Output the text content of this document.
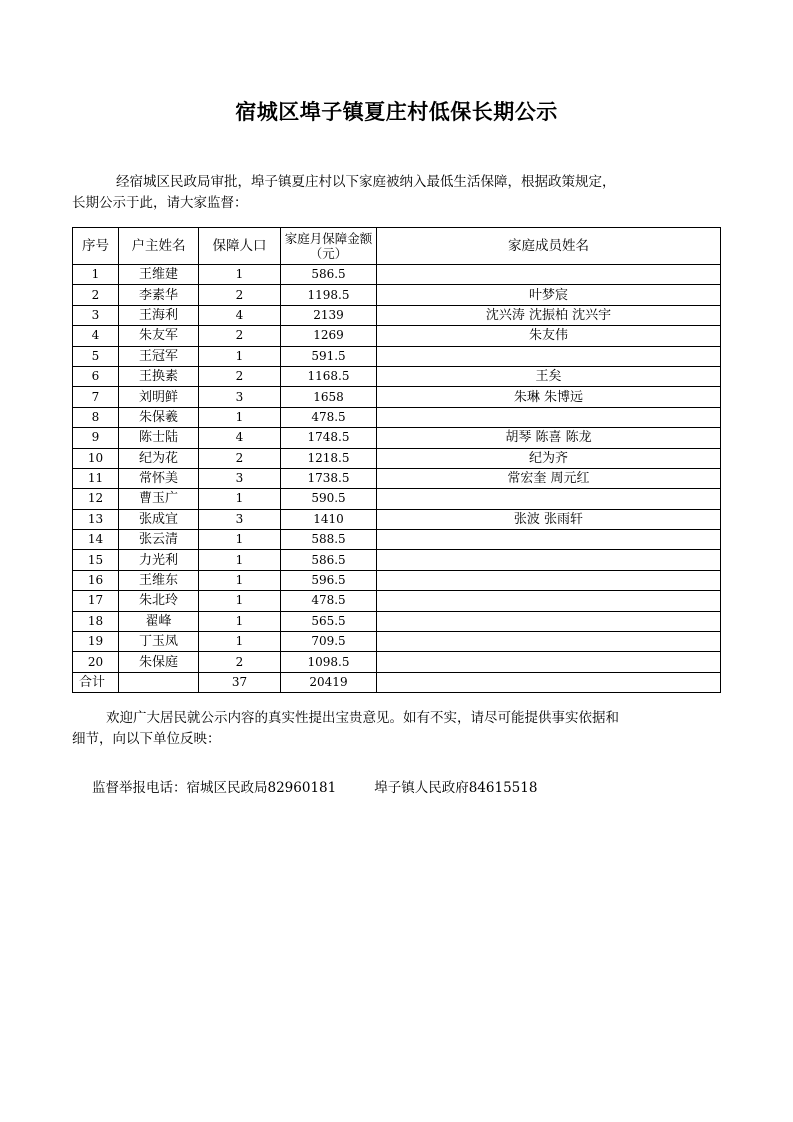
宿城区埠子镇夏庄村低保长期公示
经宿城区民政局审批，埠子镇夏庄村以下家庭被纳入最低生活保障，根据政策规定，
长期公示于此，请大家监督：
序号	户主姓名	保障人口	家庭月保障金额（元）	家庭成员姓名
1	王维建	1	586.5	
2	李素华	2	1198.5	叶梦宸
3	王海利	4	2139	沈兴涛 沈振柏 沈兴宇
4	朱友军	2	1269	朱友伟
5	王冠军	1	591.5	
6	王换素	2	1168.5	王矣
7	刘明鲜	3	1658	朱琳 朱博远
8	朱保羲	1	478.5	
9	陈士陆	4	1748.5	胡琴 陈喜 陈龙
10	纪为花	2	1218.5	纪为齐
11	常怀美	3	1738.5	常宏奎 周元红
12	曹玉广	1	590.5	
13	张成宜	3	1410	张波 张雨轩
14	张云清	1	588.5	
15	力光利	1	586.5	
16	王维东	1	596.5	
17	朱北玲	1	478.5	
18	翟峰	1	565.5	
19	丁玉凤	1	709.5	
20	朱保庭	2	1098.5	
合计		37	20419	
欢迎广大居民就公示内容的真实性提出宝贵意见。如有不实，请尽可能提供事实依据和
细节，向以下单位反映：
监督举报电话：宿城区民政局82960181	埠子镇人民政府84615518
